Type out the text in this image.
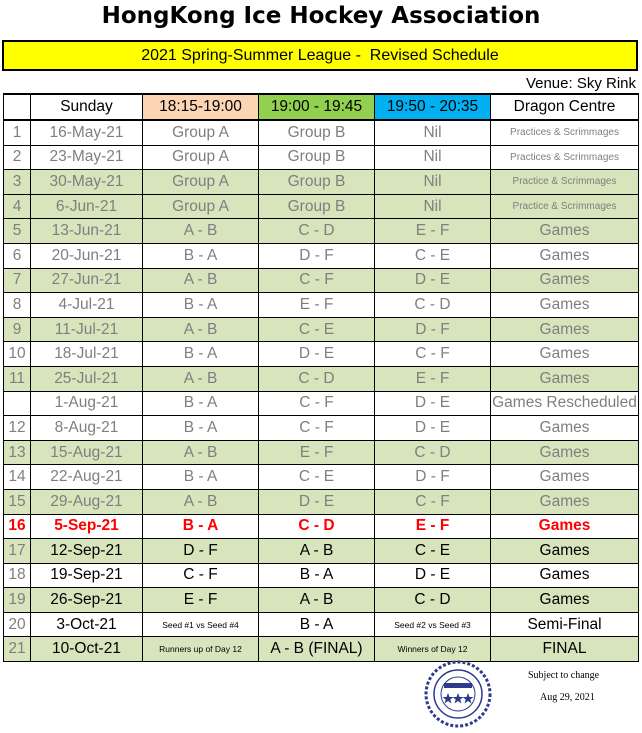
HongKong Ice Hockey Association
2021 Spring-Summer League -  Revised Schedule
Venue: Sky Rink
	Sunday	18:15-19:00	19:00 - 19:45	19:50 - 20:35	Dragon Centre
1	16-May-21	Group A	Group B	Nil	Practices & Scrimmages
2	23-May-21	Group A	Group B	Nil	Practices & Scrimmages
3	30-May-21	Group A	Group B	Nil	Practice & Scrimmages
4	6-Jun-21	Group A	Group B	Nil	Practice & Scrimmages
5	13-Jun-21	A - B	C - D	E - F	Games
6	20-Jun-21	B - A	D - F	C - E	Games
7	27-Jun-21	A - B	C - F	D - E	Games
8	4-Jul-21	B - A	E - F	C - D	Games
9	11-Jul-21	A - B	C - E	D - F	Games
10	18-Jul-21	B - A	D - E	C - F	Games
11	25-Jul-21	A - B	C - D	E - F	Games
	1-Aug-21	B - A	C - F	D - E	Games Rescheduled
12	8-Aug-21	B - A	C - F	D - E	Games
13	15-Aug-21	A - B	E - F	C - D	Games
14	22-Aug-21	B - A	C - E	D - F	Games
15	29-Aug-21	A - B	D - E	C - F	Games
16	5-Sep-21	B - A	C - D	E - F	Games
17	12-Sep-21	D - F	A - B	C - E	Games
18	19-Sep-21	C - F	B - A	D - E	Games
19	26-Sep-21	E - F	A - B	C - D	Games
20	3-Oct-21	Seed #1 vs Seed #4	B - A	Seed #2 vs Seed #3	Semi-Final
21	10-Oct-21	Runners up of Day 12	A - B (FINAL)	Winners of Day 12	FINAL
Subject to change
Aug 29, 2021
